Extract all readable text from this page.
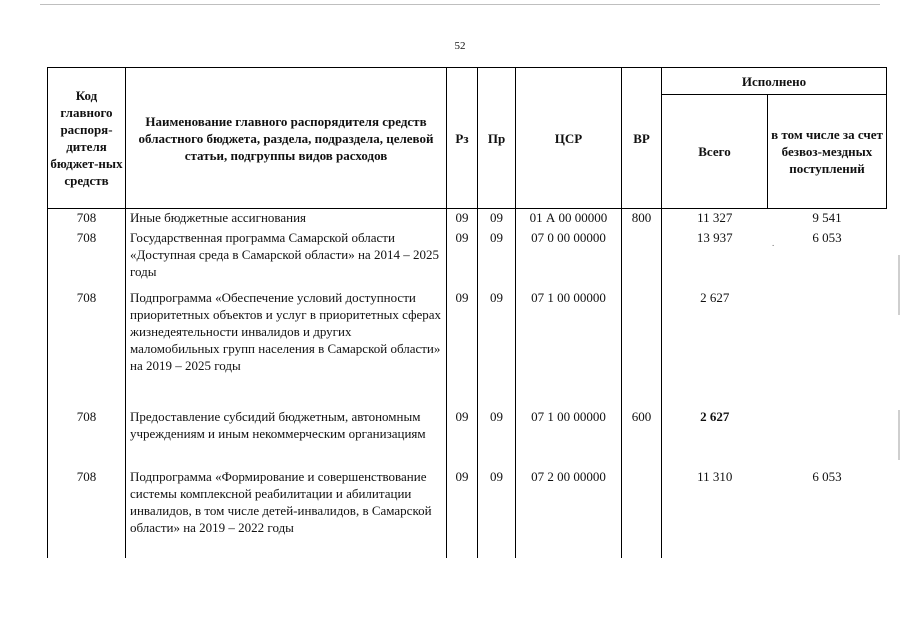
52
Код главного распоря-дителя бюджет-ных средств	Наименование главного распорядителя средств областного бюджета, раздела, подраздела, целевой статьи, подгруппы видов расходов	Рз	Пр	ЦСР	ВР	Исполнено	
						Всего	в том числе за счет безвоз-мездных поступлений
708	Иные бюджетные ассигнования	09	09	01 А 00 00000	800	11 327	9 541
708	Государственная программа Самарской области «Доступная среда в Самарской области» на 2014 – 2025 годы	09	09	07 0 00 00000		13 937	6 053
708	Подпрограмма «Обеспечение условий доступности приоритетных объектов и услуг в приоритетных сферах жизнедеятельности инвалидов и других маломобильных групп населения в Самарской области» на 2019 – 2025 годы	09	09	07 1 00 00000		2 627	
708	Предоставление субсидий бюджетным, автономным учреждениям и иным некоммерческим организациям	09	09	07 1 00 00000	600	2 627	
708	Подпрограмма «Формирование и совершенствование системы комплексной реабилитации и абилитации инвалидов, в том числе детей-инвалидов, в Самарской области» на 2019 – 2022 годы	09	09	07 2 00 00000		11 310	6 053
.
